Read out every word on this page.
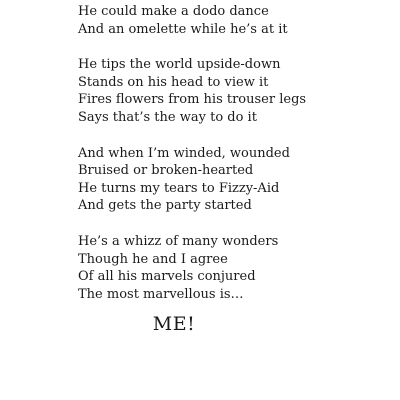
He could make a dodo dance
And an omelette while he’s at it
He tips the world upside-down
Stands on his head to view it
Fires flowers from his trouser legs
Says that’s the way to do it
And when I’m winded, wounded
Bruised or broken-hearted
He turns my tears to Fizzy-Aid
And gets the party started
He’s a whizz of many wonders
Though he and I agree
Of all his marvels conjured
The most marvellous is…
ME!
